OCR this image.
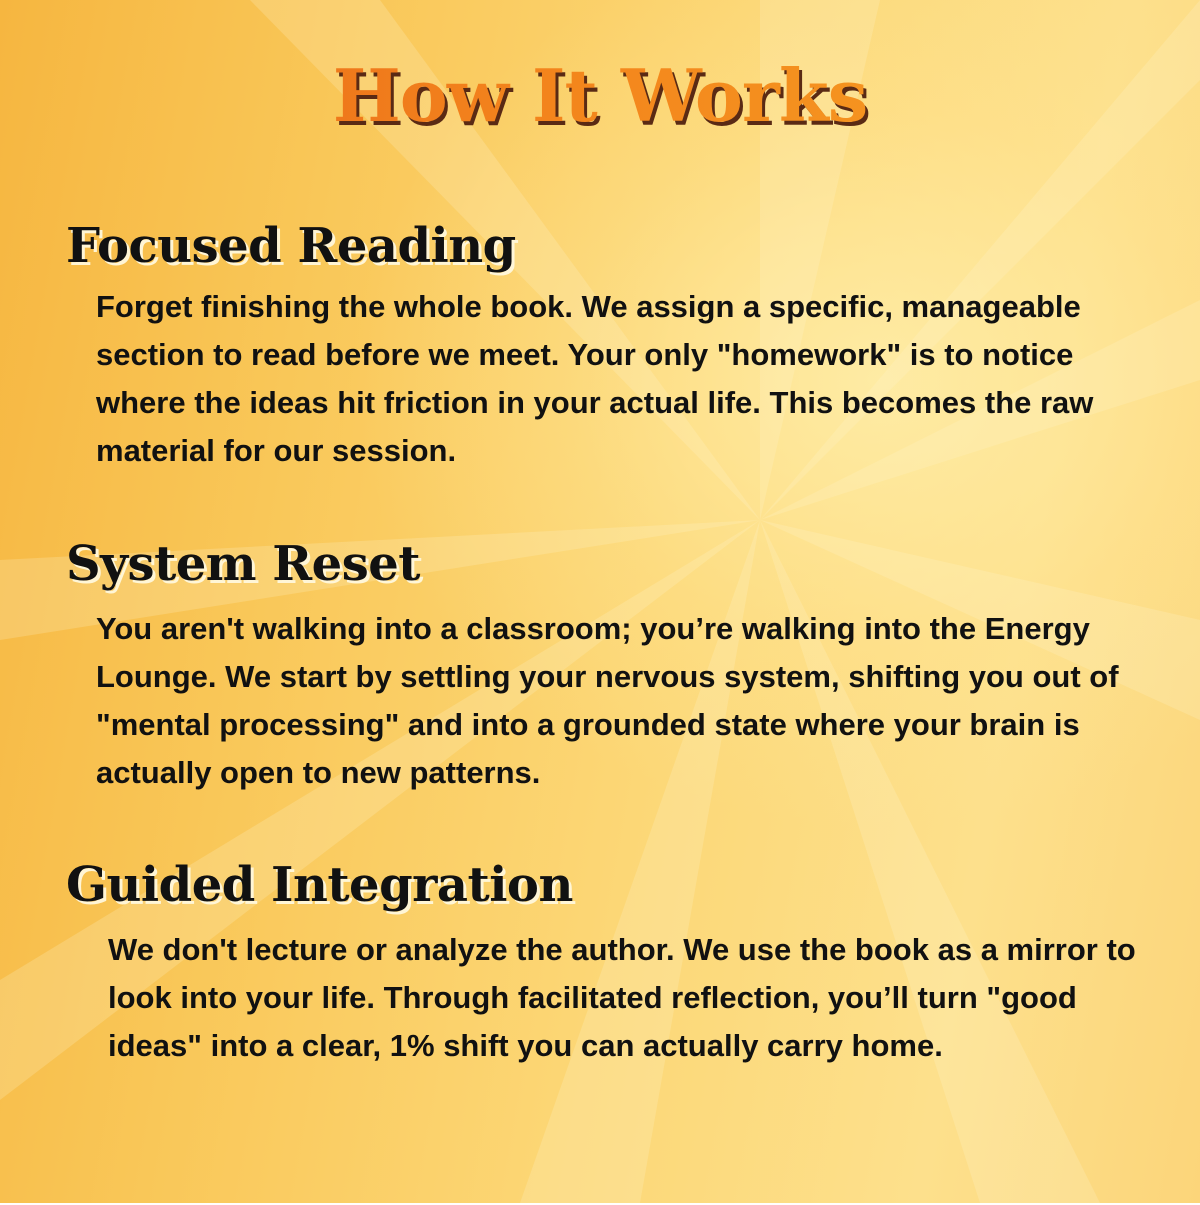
How It Works
Focused Reading

Forget finishing the whole book. We assign a specific, manageable section to read before we meet. Your only "homework" is to notice where the ideas hit friction in your actual life. This becomes the raw material for our session.

System Reset

You aren't walking into a classroom; you’re walking into the Energy Lounge. We start by settling your nervous system, shifting you out of "mental processing" and into a grounded state where your brain is actually open to new patterns.

Guided Integration

We don't lecture or analyze the author. We use the book as a mirror to look into your life. Through facilitated reflection, you’ll turn "good ideas" into a clear, 1% shift you can actually carry home.
